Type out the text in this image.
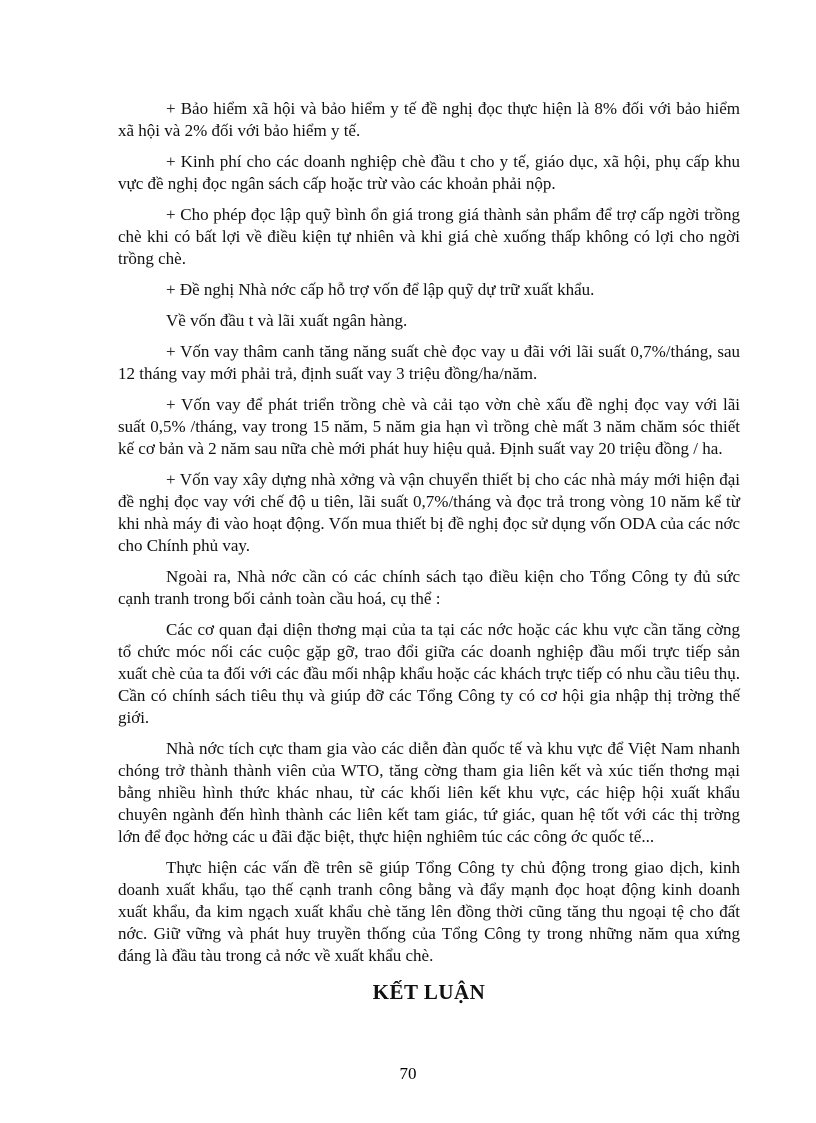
+ Bảo hiểm xã hội và bảo hiểm y tế đề nghị đọc thực hiện là 8% đối với bảo hiểm xã hội và 2% đối với bảo hiểm y tế.

+ Kinh phí cho các doanh nghiệp chè đầu t cho y tế, giáo dục, xã hội, phụ cấp khu vực đề nghị đọc ngân sách cấp hoặc trừ vào các khoản phải nộp.

+ Cho phép đọc lập quỹ bình ổn giá trong giá thành sản phẩm để trợ cấp ngời trồng chè khi có bất lợi về điều kiện tự nhiên và khi giá chè xuống thấp không có lợi cho ngời trồng chè.

+ Đề nghị Nhà nớc cấp hỗ trợ vốn để lập quỹ dự trữ xuất khẩu.

Về vốn đầu t và lãi xuất ngân hàng.

+ Vốn vay thâm canh tăng năng suất chè đọc vay u đãi với lãi suất 0,7%/tháng, sau 12 tháng vay mới phải trả, định suất vay 3 triệu đồng/ha/năm.

+ Vốn vay để phát triển trồng chè và cải tạo vờn chè xấu đề nghị đọc vay với lãi suất 0,5% /tháng, vay trong 15 năm, 5 năm gia hạn vì trồng chè mất 3 năm chăm sóc thiết kế cơ bản và 2 năm sau nữa chè mới phát huy hiệu quả. Định suất vay 20 triệu đồng / ha.

+ Vốn vay xây dựng nhà xởng và vận chuyển thiết bị cho các nhà máy mới hiện đại đề nghị đọc vay với chế độ u tiên, lãi suất 0,7%/tháng và đọc trả trong vòng 10 năm kể từ khi nhà máy đi vào hoạt động. Vốn mua thiết bị đề nghị đọc sử dụng vốn ODA của các nớc cho Chính phủ vay.

Ngoài ra, Nhà nớc cần có các chính sách tạo điều kiện cho Tổng Công ty đủ sức cạnh tranh trong bối cảnh toàn cầu hoá, cụ thể :

Các cơ quan đại diện thơng mại của ta tại các nớc hoặc các khu vực cần tăng cờng tổ chức móc nối các cuộc gặp gỡ, trao đổi giữa các doanh nghiệp đầu mối trực tiếp sản xuất chè của ta đối với các đầu mối nhập khẩu hoặc các khách trực tiếp có nhu cầu tiêu thụ. Cần có chính sách tiêu thụ và giúp đỡ các Tổng Công ty có cơ hội gia nhập thị trờng thế giới.

Nhà nớc tích cực tham gia vào các diễn đàn quốc tế và khu vực để Việt Nam nhanh chóng trở thành thành viên của WTO, tăng cờng tham gia liên kết và xúc tiến thơng mại bằng nhiều hình thức khác nhau, từ các khối liên kết khu vực, các hiệp hội xuất khẩu chuyên ngành đến hình thành các liên kết tam giác, tứ giác, quan hệ tốt với các thị trờng lớn để đọc hởng các u đãi đặc biệt, thực hiện nghiêm túc các công ớc quốc tế...

Thực hiện các vấn đề trên sẽ giúp Tổng Công ty chủ động trong giao dịch, kinh doanh xuất khẩu, tạo thế cạnh tranh công bằng và đẩy mạnh đọc hoạt động kinh doanh xuất khẩu, đa kim ngạch xuất khẩu chè tăng lên đồng thời cũng tăng thu ngoại tệ cho đất nớc. Giữ vững và phát huy truyền thống của Tổng Công ty trong những năm qua xứng đáng là đầu tàu trong cả nớc về xuất khẩu chè.

KẾT LUẬN
70
